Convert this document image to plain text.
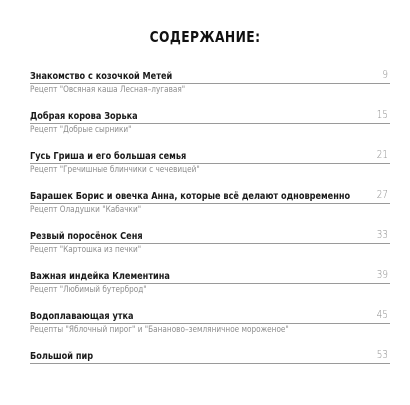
СОДЕРЖАНИЕ:
Знакомство с козочкой Метей	9
Рецепт "Овсяная каша Лесная–лугавая"
Добрая корова Зорька	15
Рецепт "Добрые сырники"
Гусь Гриша и его большая семья	21
Рецепт "Гречишные блинчики с чечевицей"
Барашек Борис и овечка Анна, которые всё делают одновременно 27
Рецепт Оладушки "Кабачки"
Резвый поросёнок Сеня	33
Рецепт "Картошка из печки"
Важная индейка Клементина	39
Рецепт "Любимый бутерброд"
Водоплавающая утка	45
Рецепты "Яблочный пирог" и "Бананово–земляничное мороженое"
Большой пир	53
